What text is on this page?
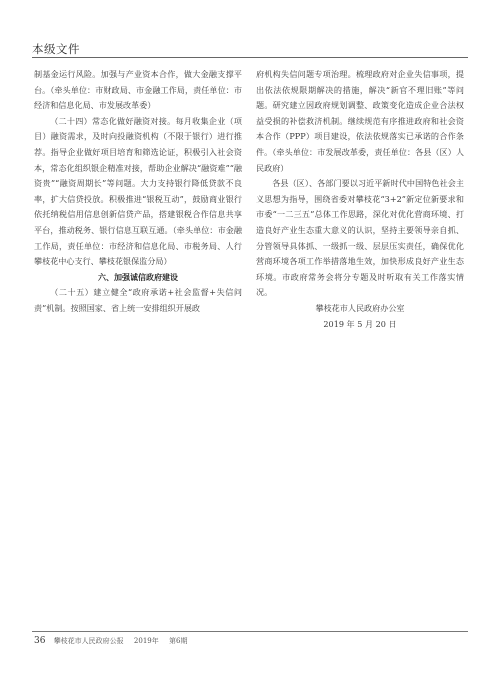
本级文件

制基金运行风险。加强与产业资本合作，做大金融支撑平台。（牵头单位：市财政局、市金融工作局，责任单位：市经济和信息化局、市发展改革委）

（二十四）常态化做好融资对接。每月收集企业（项目）融资需求，及时向投融资机构（不限于银行）进行推荐。指导企业做好项目培育和筛选论证，积极引入社会资本，常态化组织银企精准对接，帮助企业解决“融资难”“融资贵”“融资周期长”等问题。大力支持银行降低贷款不良率，扩大信贷投放。积极推进“银税互动”，鼓励商业银行依托纳税信用信息创新信贷产品，搭建银税合作信息共享平台，推动税务、银行信息互联互通。（牵头单位：市金融工作局，责任单位：市经济和信息化局、市税务局、人行攀枝花中心支行、攀枝花银保监分局）

六、加强诚信政府建设

（二十五）建立健全“政府承诺+社会监督+失信问责”机制。按照国家、省上统一安排组织开展政

府机构失信问题专项治理。梳理政府对企业失信事项，提出依法依规限期解决的措施，解决“新官不理旧账”等问题。研究建立因政府规划调整、政策变化造成企业合法权益受损的补偿救济机制。继续规范有序推进政府和社会资本合作（PPP）项目建设，依法依规落实已承诺的合作条件。（牵头单位：市发展改革委，责任单位：各县（区）人民政府）

各县（区）、各部门要以习近平新时代中国特色社会主义思想为指导，围绕省委对攀枝花“3+2”新定位新要求和市委“一二三五”总体工作思路，深化对优化营商环境、打造良好产业生态重大意义的认识，坚持主要领导亲自抓、分管领导具体抓、一级抓一级、层层压实责任，确保优化营商环境各项工作举措落地生效，加快形成良好产业生态环境。市政府常务会将分专题及时听取有关工作落实情况。

攀枝花市人民政府办公室

2019 年 5 月 20 日

36 攀枝花市人民政府公报 2019年 第6期
